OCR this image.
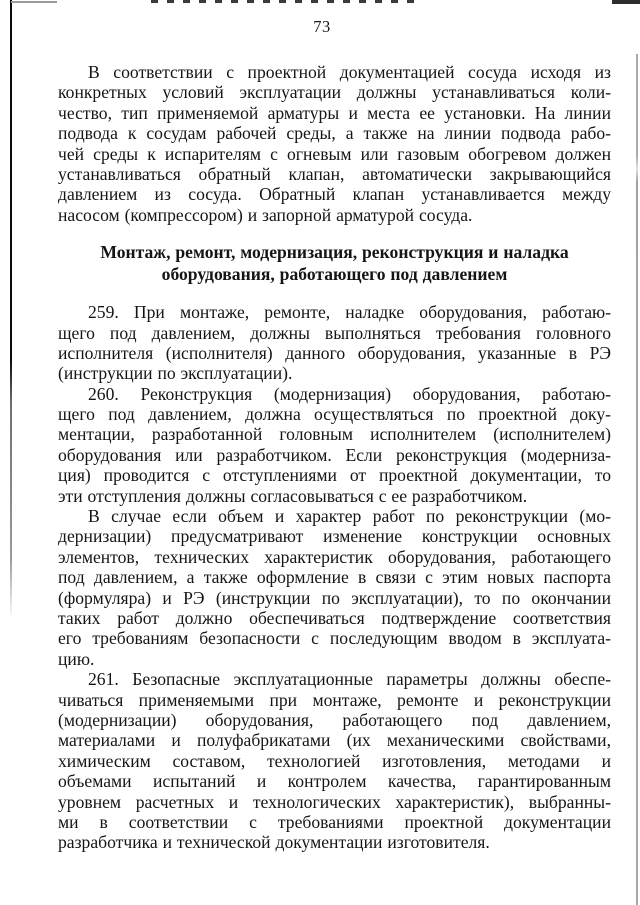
73
В соответствии с проектной документацией сосуда исходя из
конкретных условий эксплуатации должны устанавливаться коли-
чество, тип применяемой арматуры и места ее установки. На линии
подвода к сосудам рабочей среды, а также на линии подвода рабо-
чей среды к испарителям с огневым или газовым обогревом должен
устанавливаться обратный клапан, автоматически закрывающийся
давлением из сосуда. Обратный клапан устанавливается между
насосом (компрессором) и запорной арматурой сосуда.
Монтаж, ремонт, модернизация, реконструкция и наладка
оборудования, работающего под давлением
259. При монтаже, ремонте, наладке оборудования, работаю-
щего под давлением, должны выполняться требования головного
исполнителя (исполнителя) данного оборудования, указанные в РЭ
(инструкции по эксплуатации).
260. Реконструкция (модернизация) оборудования, работаю-
щего под давлением, должна осуществляться по проектной доку-
ментации, разработанной головным исполнителем (исполнителем)
оборудования или разработчиком. Если реконструкция (модерниза-
ция) проводится с отступлениями от проектной документации, то
эти отступления должны согласовываться с ее разработчиком.
В случае если объем и характер работ по реконструкции (мо-
дернизации) предусматривают изменение конструкции основных
элементов, технических характеристик оборудования, работающего
под давлением, а также оформление в связи с этим новых паспорта
(формуляра) и РЭ (инструкции по эксплуатации), то по окончании
таких работ должно обеспечиваться подтверждение соответствия
его требованиям безопасности с последующим вводом в эксплуата-
цию.
261. Безопасные эксплуатационные параметры должны обеспе-
чиваться применяемыми при монтаже, ремонте и реконструкции
(модернизации) оборудования, работающего под давлением,
материалами и полуфабрикатами (их механическими свойствами,
химическим составом, технологией изготовления, методами и
объемами испытаний и контролем качества, гарантированным
уровнем расчетных и технологических характеристик), выбранны-
ми в соответствии с требованиями проектной документации
разработчика и технической документации изготовителя.
